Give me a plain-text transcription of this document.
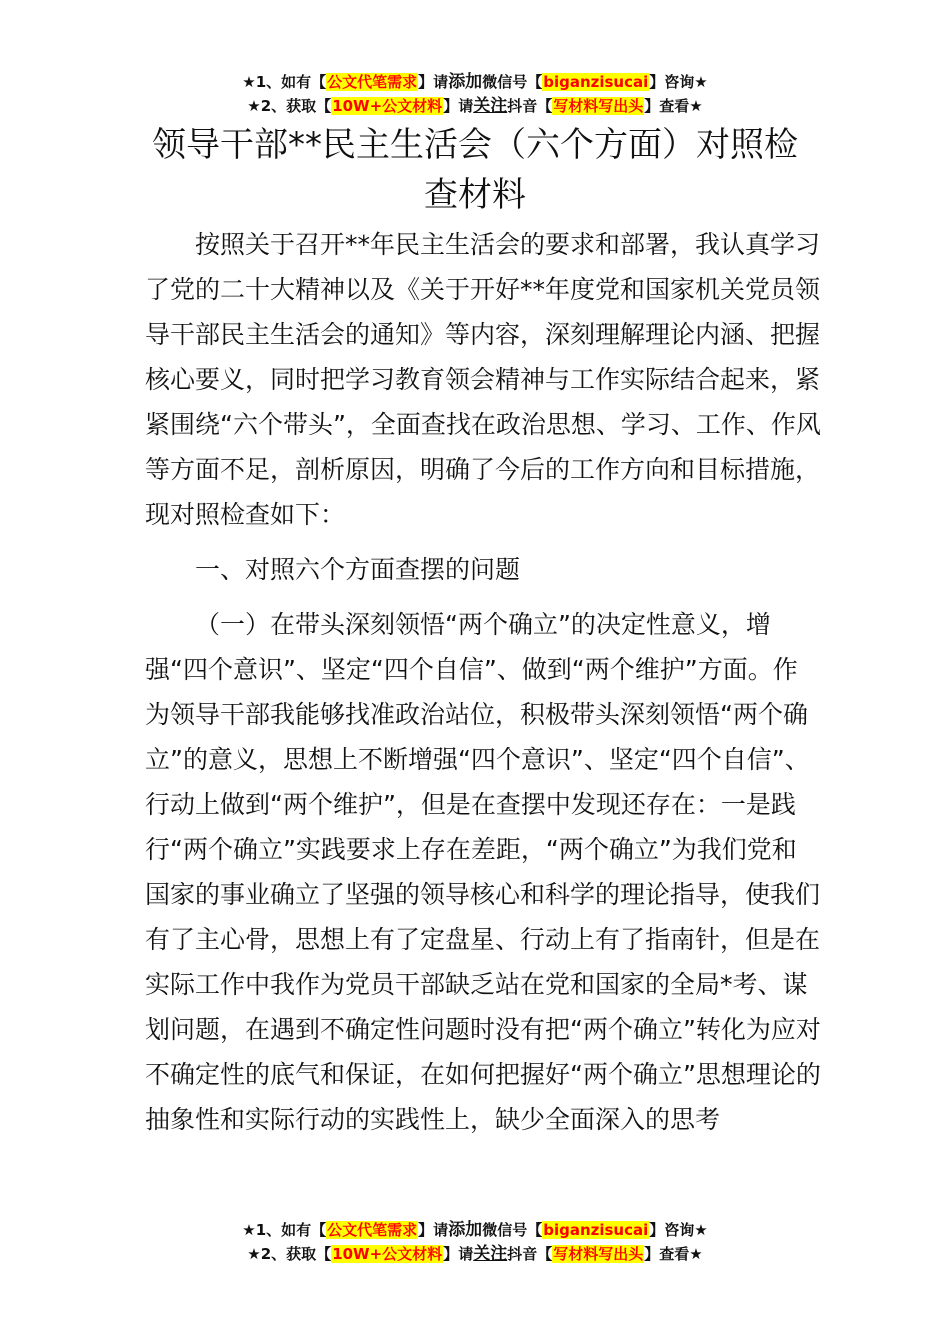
★1、如有【公文代笔需求】请添加微信号【biganzisucai】咨询★
★2、获取【10W+公文材料】请关注抖音【写材料写出头】查看★
领导干部**民主生活会（六个方面）对照检查材料

按照关于召开**年民主生活会的要求和部署，我认真学习了党的二十大精神以及《关于开好**年度党和国家机关党员领导干部民主生活会的通知》等内容，深刻理解理论内涵、把握核心要义，同时把学习教育领会精神与工作实际结合起来，紧紧围绕“六个带头”，全面查找在政治思想、学习、工作、作风等方面不足，剖析原因，明确了今后的工作方向和目标措施，现对照检查如下：

一、对照六个方面查摆的问题

（一）在带头深刻领悟“两个确立”的决定性意义，增强“四个意识”、坚定“四个自信”、做到“两个维护”方面。作为领导干部我能够找准政治站位，积极带头深刻领悟“两个确立”的意义，思想上不断增强“四个意识”、坚定“四个自信”、行动上做到“两个维护”，但是在查摆中发现还存在：一是践行“两个确立”实践要求上存在差距，“两个确立”为我们党和国家的事业确立了坚强的领导核心和科学的理论指导，使我们有了主心骨，思想上有了定盘星、行动上有了指南针，但是在实际工作中我作为党员干部缺乏站在党和国家的全局*考、谋划问题，在遇到不确定性问题时没有把“两个确立”转化为应对不确定性的底气和保证，在如何把握好“两个确立”思想理论的抽象性和实际行动的实践性上，缺少全面深入的思考

★1、如有【公文代笔需求】请添加微信号【biganzisucai】咨询★
★2、获取【10W+公文材料】请关注抖音【写材料写出头】查看★
